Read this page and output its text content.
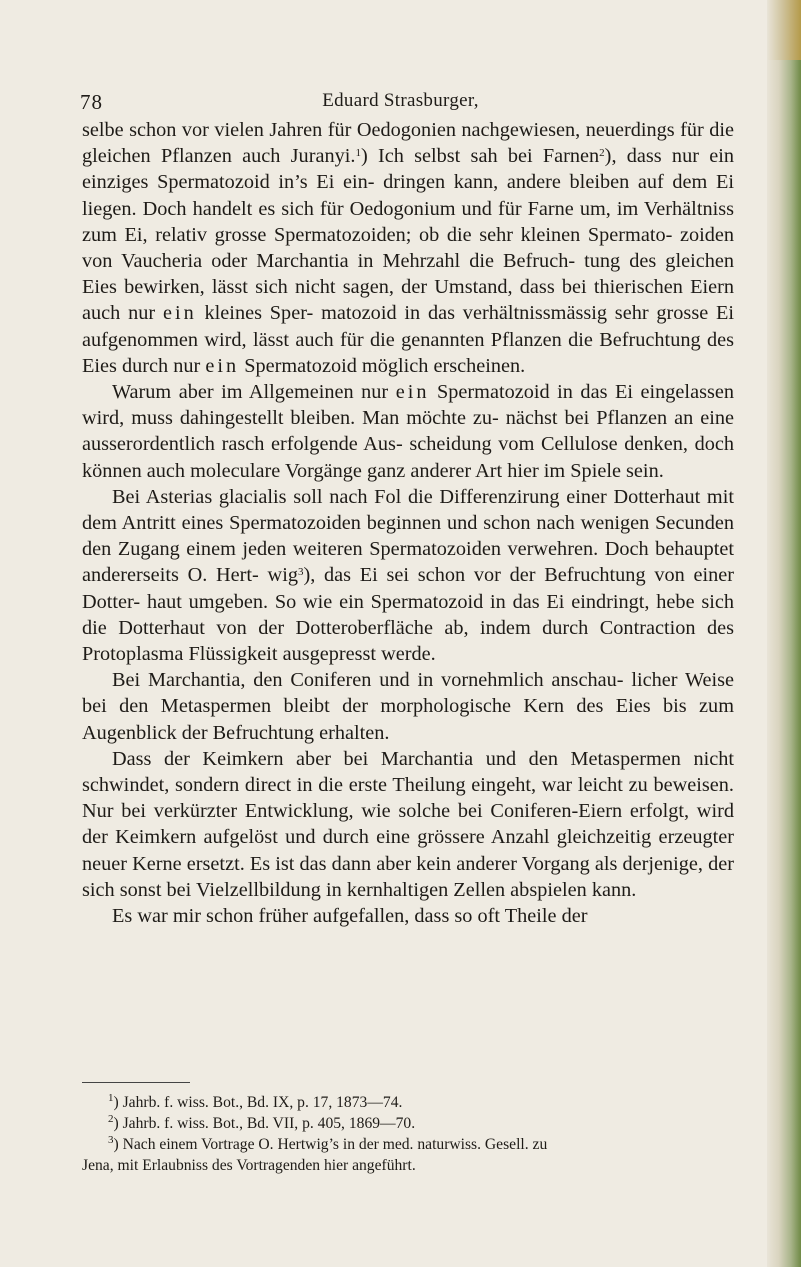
78	Eduard Strasburger,

selbe schon vor vielen Jahren für Oedogonien nachgewiesen, neuerdings für die gleichen Pflanzen auch Juranyi.$^1$) Ich selbst sah bei Farnen$^2$), dass nur ein einziges Spermatozoid in’s Ei ein- dringen kann, andere bleiben auf dem Ei liegen. Doch handelt es sich für Oedogonium und für Farne um, im Verhältniss zum Ei, relativ grosse Spermatozoiden; ob die sehr kleinen Spermato- zoiden von Vaucheria oder Marchantia in Mehrzahl die Befruch- tung des gleichen Eies bewirken, lässt sich nicht sagen, der Umstand, dass bei thierischen Eiern auch nur ein kleines Sper- matozoid in das verhältnissmässig sehr grosse Ei aufgenommen wird, lässt auch für die genannten Pflanzen die Befruchtung des Eies durch nur ein Spermatozoid möglich erscheinen.

Warum aber im Allgemeinen nur ein Spermatozoid in das Ei eingelassen wird, muss dahingestellt bleiben. Man möchte zu- nächst bei Pflanzen an eine ausserordentlich rasch erfolgende Aus- scheidung vom Cellulose denken, doch können auch moleculare Vorgänge ganz anderer Art hier im Spiele sein.

Bei Asterias glacialis soll nach Fol die Differenzirung einer Dotterhaut mit dem Antritt eines Spermatozoiden beginnen und schon nach wenigen Secunden den Zugang einem jeden weiteren Spermatozoiden verwehren. Doch behauptet andererseits O. Hert- wig$^3$), das Ei sei schon vor der Befruchtung von einer Dotter- haut umgeben. So wie ein Spermatozoid in das Ei eindringt, hebe sich die Dotterhaut von der Dotteroberfläche ab, indem durch Contraction des Protoplasma Flüssigkeit ausgepresst werde.

Bei Marchantia, den Coniferen und in vornehmlich anschau- licher Weise bei den Metaspermen bleibt der morphologische Kern des Eies bis zum Augenblick der Befruchtung erhalten.

Dass der Keimkern aber bei Marchantia und den Metaspermen nicht schwindet, sondern direct in die erste Theilung eingeht, war leicht zu beweisen. Nur bei verkürzter Entwicklung, wie solche bei Coniferen-Eiern erfolgt, wird der Keimkern aufgelöst und durch eine grössere Anzahl gleichzeitig erzeugter neuer Kerne ersetzt. Es ist das dann aber kein anderer Vorgang als derjenige, der sich sonst bei Vielzellbildung in kernhaltigen Zellen abspielen kann.

Es war mir schon früher aufgefallen, dass so oft Theile der

$^1$) Jahrb. f. wiss. Bot., Bd. IX, p. 17, 1873—74.

$^2$) Jahrb. f. wiss. Bot., Bd. VII, p. 405, 1869—70.

$^3$) Nach einem Vortrage O. Hertwig’s in der med. naturwiss. Gesell. zu

Jena, mit Erlaubniss des Vortragenden hier angeführt.
